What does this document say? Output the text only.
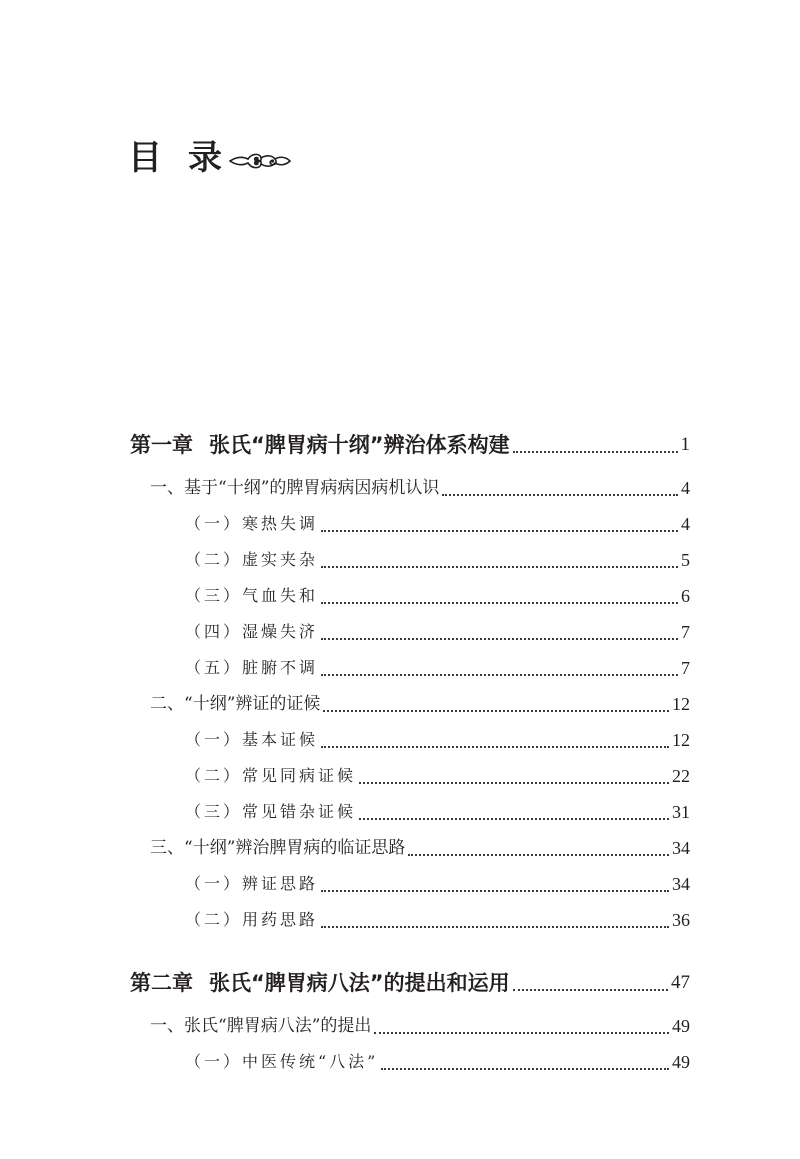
目录
第一章 张氏“脾胃病十纲”辨治体系构建	1
一、基于“十纲”的脾胃病病因病机认识	4
（一）寒热失调	4
（二）虚实夹杂	5
（三）气血失和	6
（四）湿燥失济	7
（五）脏腑不调	7
二、“十纲”辨证的证候	12
（一）基本证候	12
（二）常见同病证候	22
（三）常见错杂证候	31
三、“十纲”辨治脾胃病的临证思路	34
（一）辨证思路	34
（二）用药思路	36
第二章 张氏“脾胃病八法”的提出和运用	47
一、张氏“脾胃病八法”的提出	49
（一）中医传统“八法”	49
